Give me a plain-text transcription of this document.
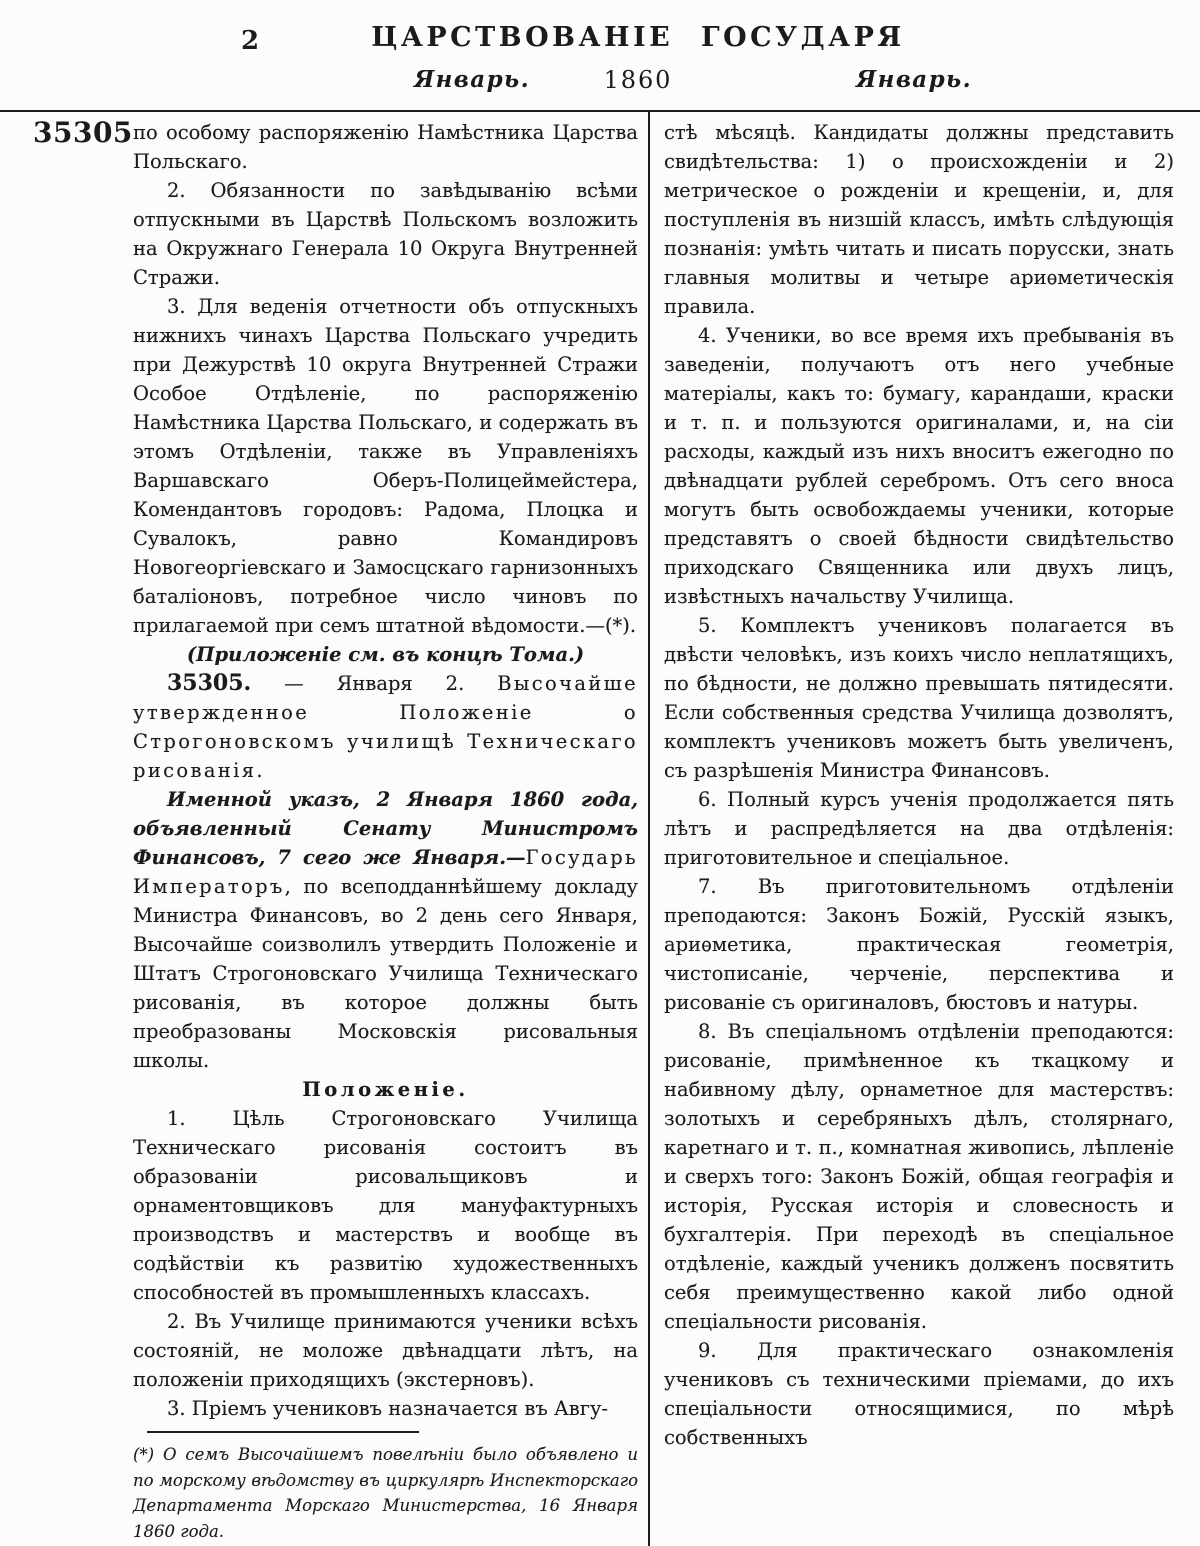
2	ЦАРСТВОВАНІЕ ГОСУДАРЯ
Январь.	1860	Январь.
35305 по особому распоряженію Намѣстника Царства Польскаго.

2. Обязанности по завѣдыванію всѣми отпускными въ Царствѣ Польскомъ возложить на Окружнаго Генерала 10 Округа Внутренней Стражи.

3. Для веденія отчетности объ отпускныхъ нижнихъ чинахъ Царства Польскаго учредить при Дежурствѣ 10 округа Внутренней Стражи Особое Отдѣленіе, по распоряженію Намѣстника Царства Польскаго, и содержать въ этомъ Отдѣленіи, также въ Управленіяхъ Варшавскаго Оберъ-Полицеймейстера, Комендантовъ городовъ: Радома, Плоцка и Сувалокъ, равно Командировъ Новогеоргіевскаго и Замосцскаго гарнизонныхъ баталіоновъ, потребное число чиновъ по прилагаемой при семъ штатной вѣдомости.—(*).

(Приложеніе см. въ концѣ Тома.)

35305. — Января 2. Высочайше утвержденное Положеніе о Строгоновскомъ училищѣ Техническаго рисованія.

Именной указъ, 2 Января 1860 года, объявленный Сенату Министромъ Финансовъ, 7 сего же Января.—Государь Императоръ, по всеподданнѣйшему докладу Министра Финансовъ, во 2 день сего Января, Высочайше соизволилъ утвердить Положеніе и Штатъ Строгоновскаго Училища Техническаго рисованія, въ которое должны быть преобразованы Московскія рисовальныя школы.

Положеніе.

1. Цѣль Строгоновскаго Училища Техническаго рисованія состоитъ въ образованіи рисовальщиковъ и орнаментовщиковъ для мануфактурныхъ производствъ и мастерствъ и вообще въ содѣйствіи къ развитію художественныхъ способностей въ промышленныхъ классахъ.

2. Въ Училище принимаются ученики всѣхъ состояній, не моложе двѣнадцати лѣтъ, на положеніи приходящихъ (экстерновъ).

3. Пріемъ учениковъ назначается въ Авгу-

(*) О семъ Высочайшемъ повелѣніи было объявлено и по морскому вѣдомству въ циркулярѣ Инспекторскаго Департамента Морскаго Министерства, 16 Января 1860 года.

стѣ мѣсяцѣ. Кандидаты должны представить свидѣтельства: 1) о происхожденіи и 2) метрическое о рожденіи и крещеніи, и, для поступленія въ низшій классъ, имѣть слѣдующія познанія: умѣть читать и писать порусски, знать главныя молитвы и четыре ариѳметическія правила.

4. Ученики, во все время ихъ пребыванія въ заведеніи, получаютъ отъ него учебные матеріалы, какъ то: бумагу, карандаши, краски и т. п. и пользуются оригиналами, и, на сіи расходы, каждый изъ нихъ вноситъ ежегодно по двѣнадцати рублей серебромъ. Отъ сего вноса могутъ быть освобождаемы ученики, которые представятъ о своей бѣдности свидѣтельство приходскаго Священника или двухъ лицъ, извѣстныхъ начальству Училища.

5. Комплектъ учениковъ полагается въ двѣсти человѣкъ, изъ коихъ число неплатящихъ, по бѣдности, не должно превышать пятидесяти. Если собственныя средства Училища дозволятъ, комплектъ учениковъ можетъ быть увеличенъ, съ разрѣшенія Министра Финансовъ.

6. Полный курсъ ученія продолжается пять лѣтъ и распредѣляется на два отдѣленія: приготовительное и спеціальное.

7. Въ приготовительномъ отдѣленіи преподаются: Законъ Божій, Русскій языкъ, ариѳметика, практическая геометрія, чистописаніе, черченіе, перспектива и рисованіе съ оригиналовъ, бюстовъ и натуры.

8. Въ спеціальномъ отдѣленіи преподаются: рисованіе, примѣненное къ ткацкому и набивному дѣлу, орнаметное для мастерствъ: золотыхъ и серебряныхъ дѣлъ, столярнаго, каретнаго и т. п., комнатная живопись, лѣпленіе и сверхъ того: Законъ Божій, общая географія и исторія, Русская исторія и словесность и бухгалтерія. При переходѣ въ спеціальное отдѣленіе, каждый ученикъ долженъ посвятить себя преимущественно какой либо одной спеціальности рисованія.

9. Для практическаго ознакомленія учениковъ съ техническими пріемами, до ихъ спеціальности относящимися, по мѣрѣ собственныхъ
